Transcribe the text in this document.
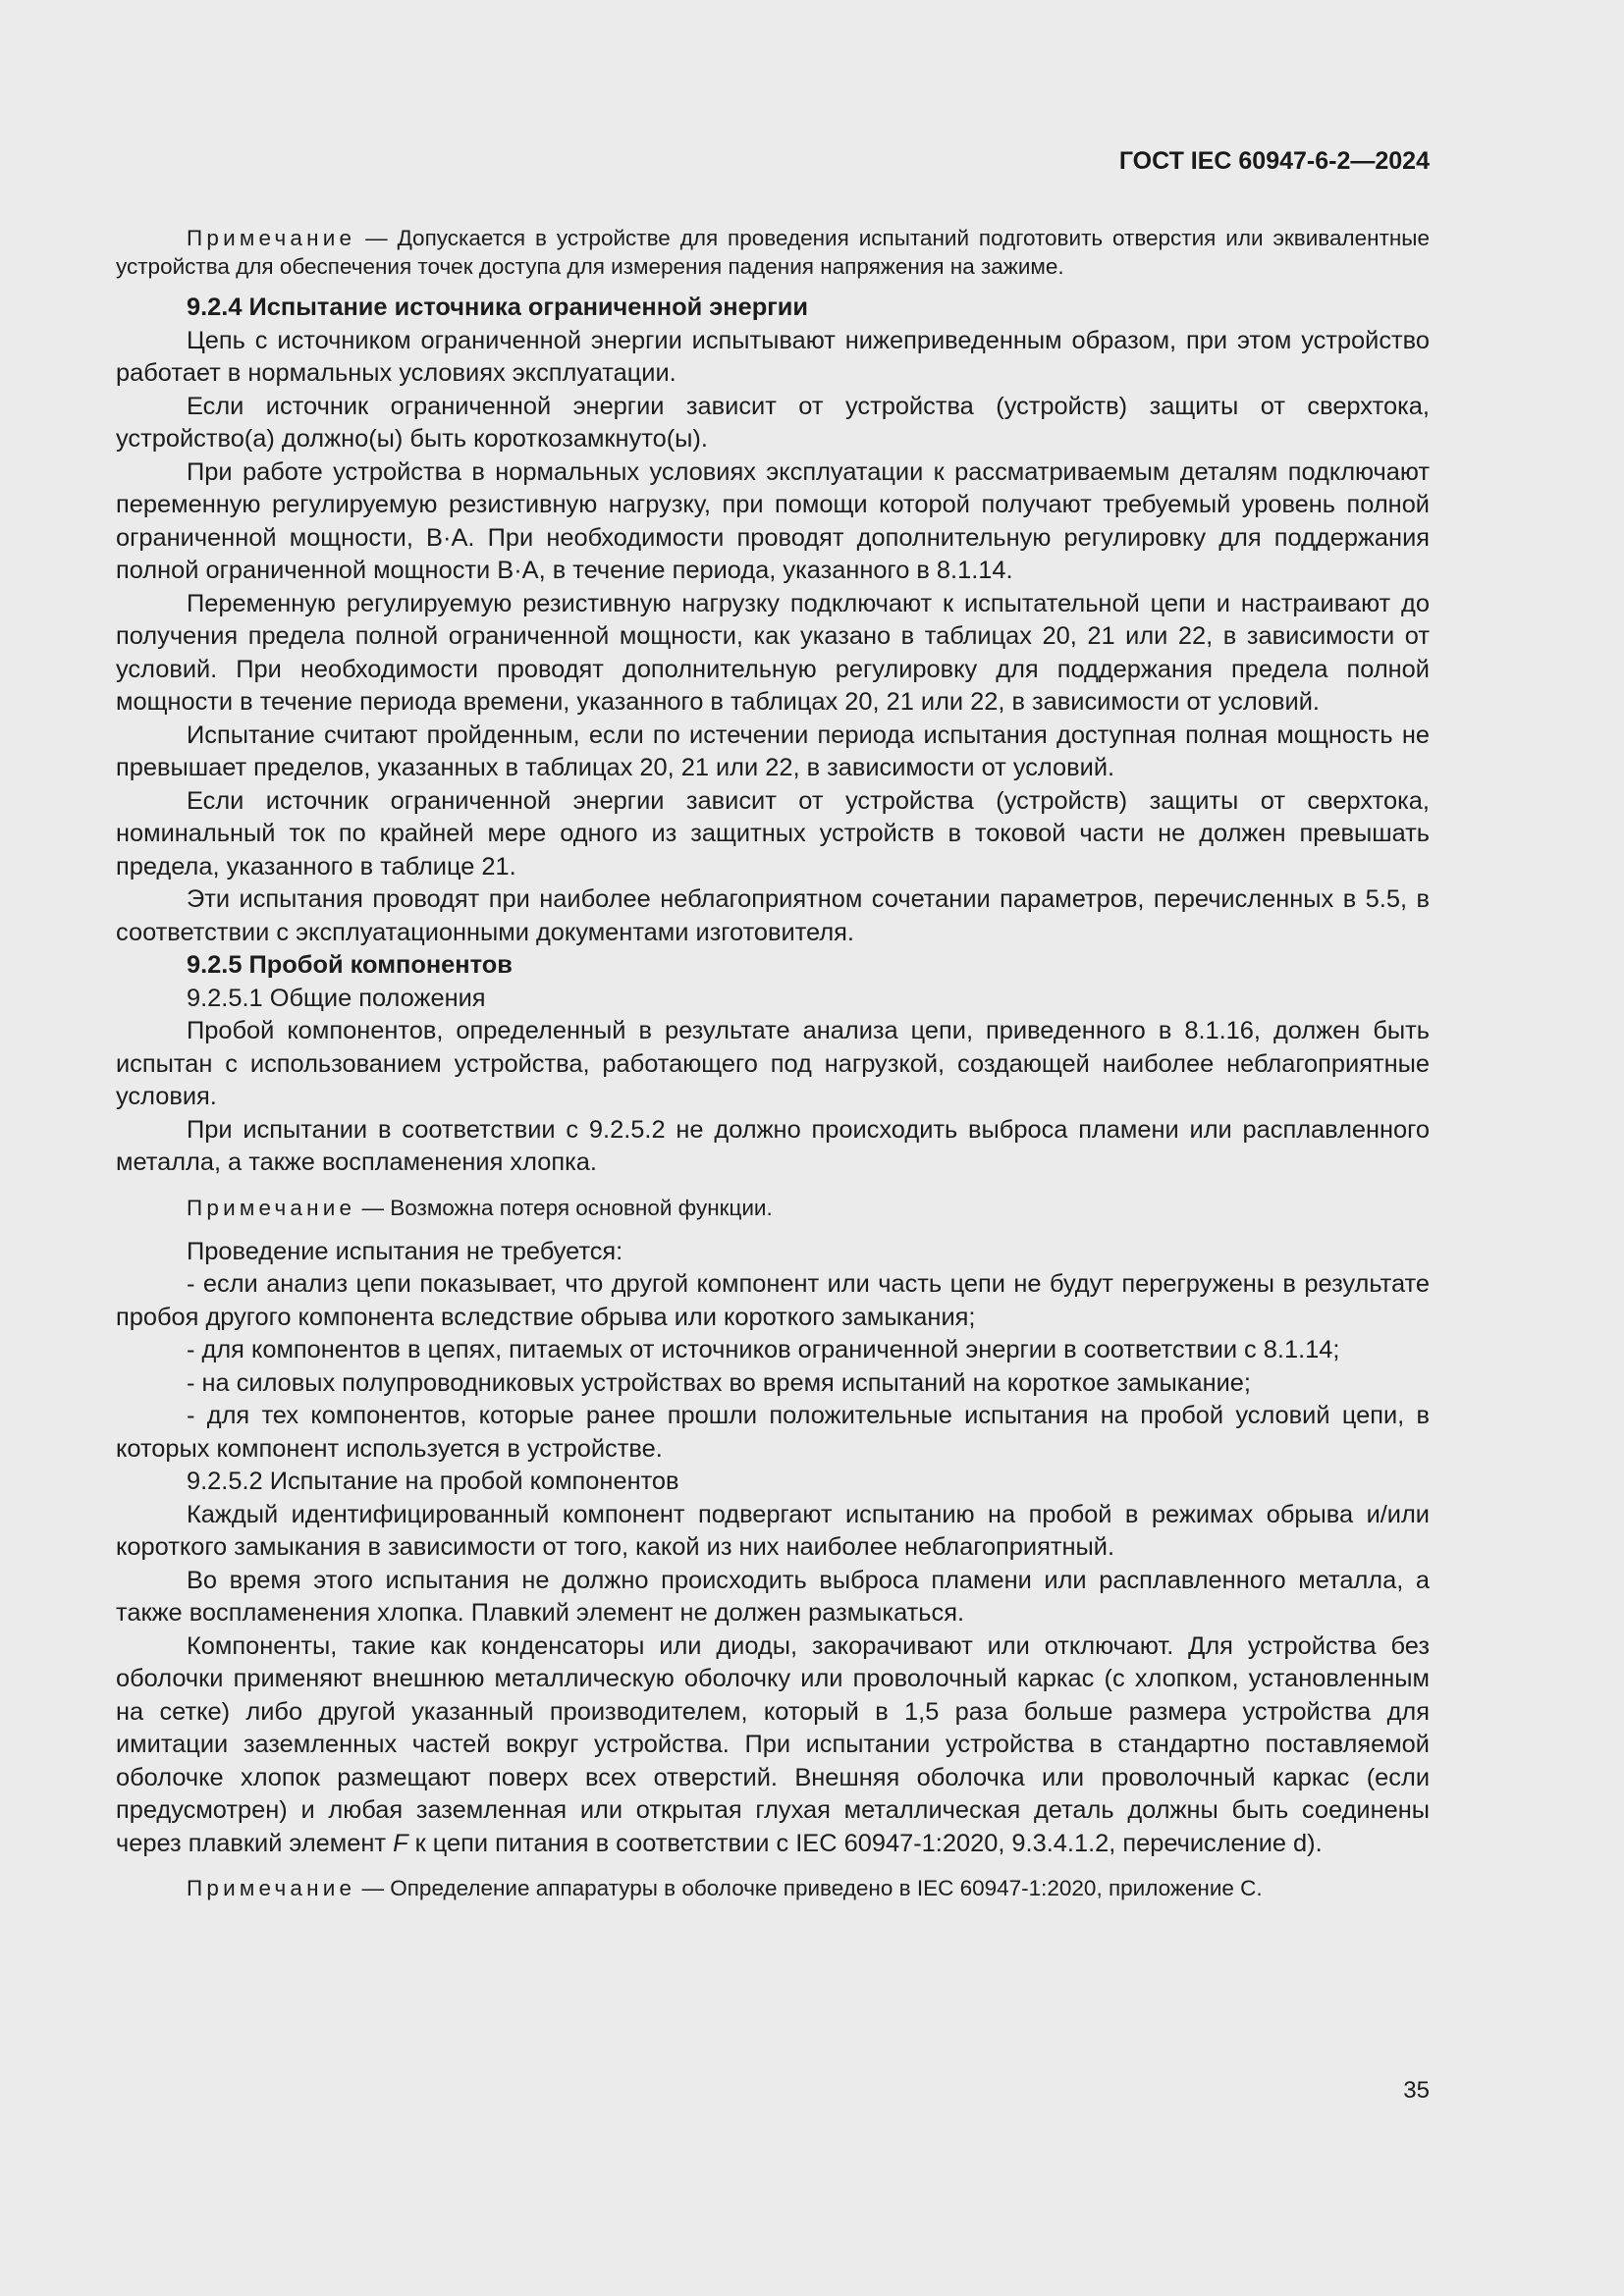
ГОСТ IEC 60947-6-2—2024

Примечание — Допускается в устройстве для проведения испытаний подготовить отверстия или эквивалентные устройства для обеспечения точек доступа для измерения падения напряжения на зажиме.

9.2.4 Испытание источника ограниченной энергии

Цепь с источником ограниченной энергии испытывают нижеприведенным образом, при этом устройство работает в нормальных условиях эксплуатации.

Если источник ограниченной энергии зависит от устройства (устройств) защиты от сверхтока, устройство(а) должно(ы) быть короткозамкнуто(ы).

При работе устройства в нормальных условиях эксплуатации к рассматриваемым деталям подключают переменную регулируемую резистивную нагрузку, при помощи которой получают требуемый уровень полной ограниченной мощности, В·А. При необходимости проводят дополнительную регулировку для поддержания полной ограниченной мощности В·А, в течение периода, указанного в 8.1.14.

Переменную регулируемую резистивную нагрузку подключают к испытательной цепи и настраивают до получения предела полной ограниченной мощности, как указано в таблицах 20, 21 или 22, в зависимости от условий. При необходимости проводят дополнительную регулировку для поддержания предела полной мощности в течение периода времени, указанного в таблицах 20, 21 или 22, в зависимости от условий.

Испытание считают пройденным, если по истечении периода испытания доступная полная мощность не превышает пределов, указанных в таблицах 20, 21 или 22, в зависимости от условий.

Если источник ограниченной энергии зависит от устройства (устройств) защиты от сверхтока, номинальный ток по крайней мере одного из защитных устройств в токовой части не должен превышать предела, указанного в таблице 21.

Эти испытания проводят при наиболее неблагоприятном сочетании параметров, перечисленных в 5.5, в соответствии с эксплуатационными документами изготовителя.

9.2.5 Пробой компонентов

9.2.5.1 Общие положения

Пробой компонентов, определенный в результате анализа цепи, приведенного в 8.1.16, должен быть испытан с использованием устройства, работающего под нагрузкой, создающей наиболее неблагоприятные условия.

При испытании в соответствии с 9.2.5.2 не должно происходить выброса пламени или расплавленного металла, а также воспламенения хлопка.

Примечание — Возможна потеря основной функции.

Проведение испытания не требуется:

- если анализ цепи показывает, что другой компонент или часть цепи не будут перегружены в результате пробоя другого компонента вследствие обрыва или короткого замыкания;

- для компонентов в цепях, питаемых от источников ограниченной энергии в соответствии с 8.1.14;

- на силовых полупроводниковых устройствах во время испытаний на короткое замыкание;

- для тех компонентов, которые ранее прошли положительные испытания на пробой условий цепи, в которых компонент используется в устройстве.

9.2.5.2 Испытание на пробой компонентов

Каждый идентифицированный компонент подвергают испытанию на пробой в режимах обрыва и/или короткого замыкания в зависимости от того, какой из них наиболее неблагоприятный.

Во время этого испытания не должно происходить выброса пламени или расплавленного металла, а также воспламенения хлопка. Плавкий элемент не должен размыкаться.

Компоненты, такие как конденсаторы или диоды, закорачивают или отключают. Для устройства без оболочки применяют внешнюю металлическую оболочку или проволочный каркас (с хлопком, установленным на сетке) либо другой указанный производителем, который в 1,5 раза больше размера устройства для имитации заземленных частей вокруг устройства. При испытании устройства в стандартно поставляемой оболочке хлопок размещают поверх всех отверстий. Внешняя оболочка или проволочный каркас (если предусмотрен) и любая заземленная или открытая глухая металлическая деталь должны быть соединены через плавкий элемент F к цепи питания в соответствии с IEC 60947-1:2020, 9.3.4.1.2, перечисление d).

Примечание — Определение аппаратуры в оболочке приведено в IEC 60947-1:2020, приложение С.

35
